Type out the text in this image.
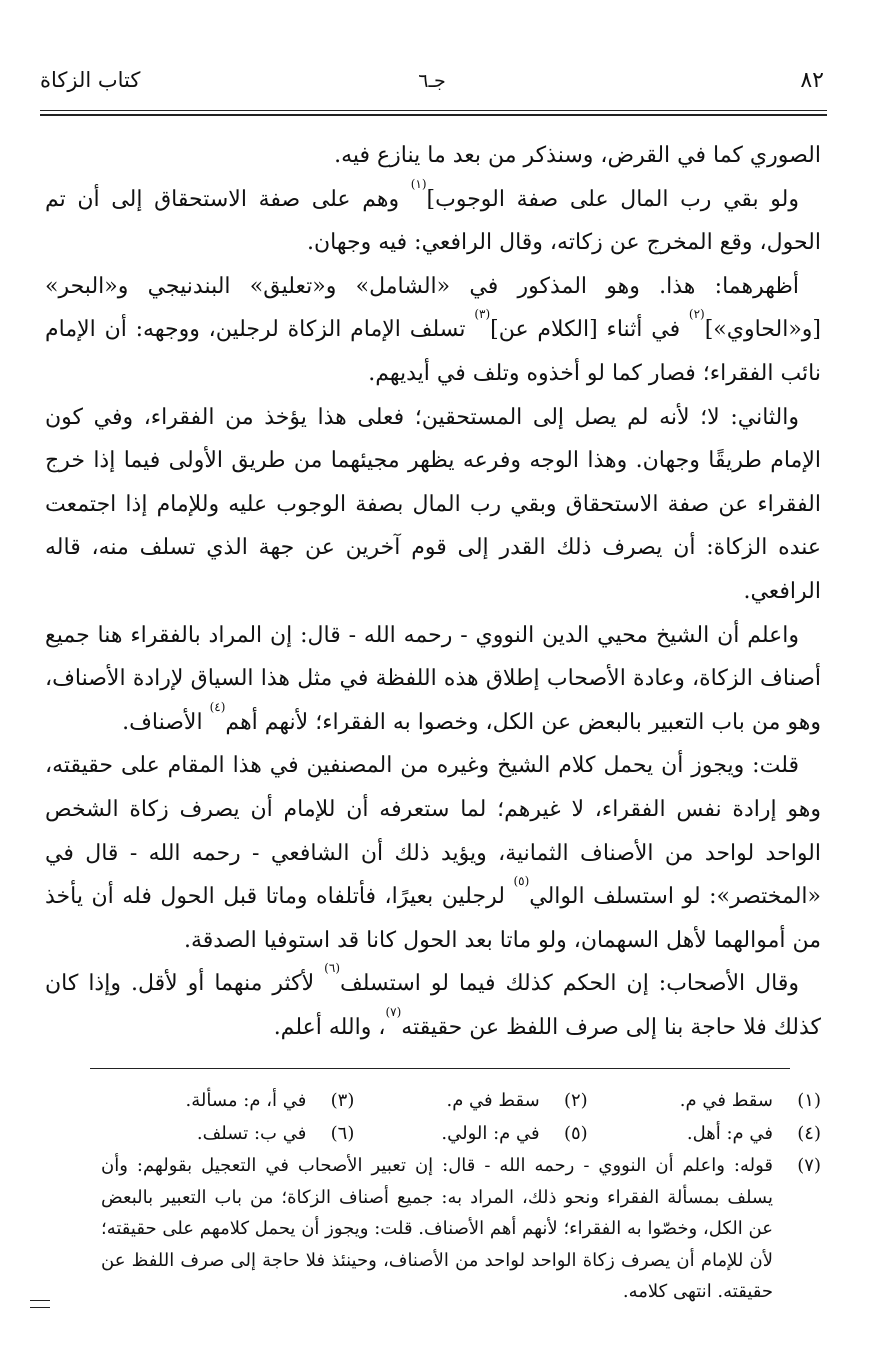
٨٢
جـ٦
كتاب الزكاة

الصوري كما في القرض، وسنذكر من بعد ما ينازع فيه.

ولو بقي رب المال على صفة الوجوب]$^{(١)}$ وهم على صفة الاستحقاق إلى أن تم الحول، وقع المخرج عن زكاته، وقال الرافعي: فيه وجهان.

أظهرهما: هذا. وهو المذكور في «الشامل» و«تعليق» البندنيجي و«البحر» [و«الحاوي»]$^{(٢)}$ في أثناء [الكلام عن]$^{(٣)}$ تسلف الإمام الزكاة لرجلين، ووجهه: أن الإمام نائب الفقراء؛ فصار كما لو أخذوه وتلف في أيديهم.

والثاني: لا؛ لأنه لم يصل إلى المستحقين؛ فعلى هذا يؤخذ من الفقراء، وفي كون الإمام طريقًا وجهان. وهذا الوجه وفرعه يظهر مجيئهما من طريق الأولى فيما إذا خرج الفقراء عن صفة الاستحقاق وبقي رب المال بصفة الوجوب عليه وللإمام إذا اجتمعت عنده الزكاة: أن يصرف ذلك القدر إلى قوم آخرين عن جهة الذي تسلف منه، قاله الرافعي.

واعلم أن الشيخ محيي الدين النووي - رحمه الله - قال: إن المراد بالفقراء هنا جميع أصناف الزكاة، وعادة الأصحاب إطلاق هذه اللفظة في مثل هذا السياق لإرادة الأصناف، وهو من باب التعبير بالبعض عن الكل، وخصوا به الفقراء؛ لأنهم أهم$^{(٤)}$ الأصناف.

قلت: ويجوز أن يحمل كلام الشيخ وغيره من المصنفين في هذا المقام على حقيقته، وهو إرادة نفس الفقراء، لا غيرهم؛ لما ستعرفه أن للإمام أن يصرف زكاة الشخص الواحد لواحد من الأصناف الثمانية، ويؤيد ذلك أن الشافعي - رحمه الله - قال في «المختصر»: لو استسلف الوالي$^{(٥)}$ لرجلين بعيرًا، فأتلفاه وماتا قبل الحول فله أن يأخذ من أموالهما لأهل السهمان، ولو ماتا بعد الحول كانا قد استوفيا الصدقة.

وقال الأصحاب: إن الحكم كذلك فيما لو استسلف$^{(٦)}$ لأكثر منهما أو لأقل. وإذا كان كذلك فلا حاجة بنا إلى صرف اللفظ عن حقيقته$^{(٧)}$، والله أعلم.

(١)سقط في م.
(٢)سقط في م.
(٣)في أ، م: مسألة.
(٤)في م: أهل.
(٥)في م: الولي.
(٦)في ب: تسلف.
(٧)
قوله: واعلم أن النووي - رحمه الله - قال: إن تعبير الأصحاب في التعجيل بقولهم: وأن يسلف بمسألة الفقراء ونحو ذلك، المراد به: جميع أصناف الزكاة؛ من باب التعبير بالبعض عن الكل، وخصّوا به الفقراء؛ لأنهم أهم الأصناف. قلت: ويجوز أن يحمل كلامهم على حقيقته؛ لأن للإمام أن يصرف زكاة الواحد لواحد من الأصناف، وحينئذ فلا حاجة إلى صرف اللفظ عن حقيقته. انتهى كلامه.
